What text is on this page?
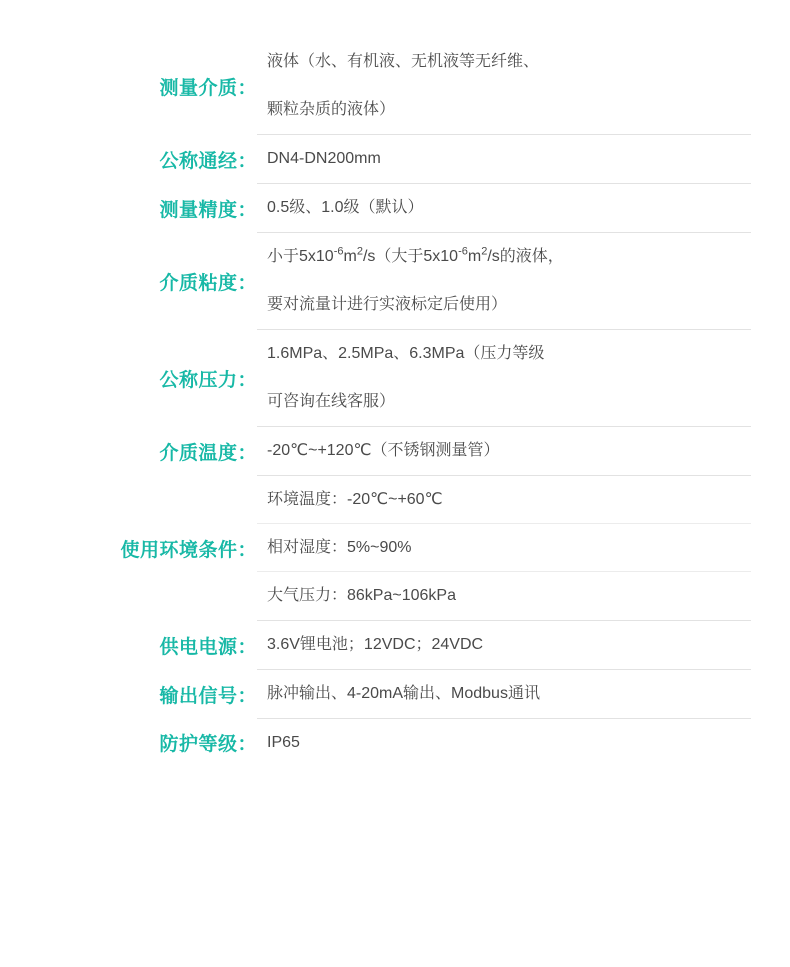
测量介质：	液体（水、有机液、无机液等无纤维、
颗粒杂质的液体）

公称通经：	DN4-DN200mm

测量精度：	0.5级、1.0级（默认）

介质粘度：	小于$5x10^{-6}m^2/s$（大于$5x10^{-6}m^2/s$的液体，
要对流量计进行实液标定后使用）

公称压力：	1.6MPa、2.5MPa、6.3MPa（压力等级
可咨询在线客服）

介质温度：	-20℃~+120℃（不锈钢测量管）

使用环境条件：	环境温度：-20℃~+60℃
相对湿度：5%~90%
大气压力：86kPa~106kPa

供电电源：	3.6V锂电池；12VDC；24VDC

输出信号：	脉冲输出、4-20mA输出、Modbus通讯

防护等级：	IP65
